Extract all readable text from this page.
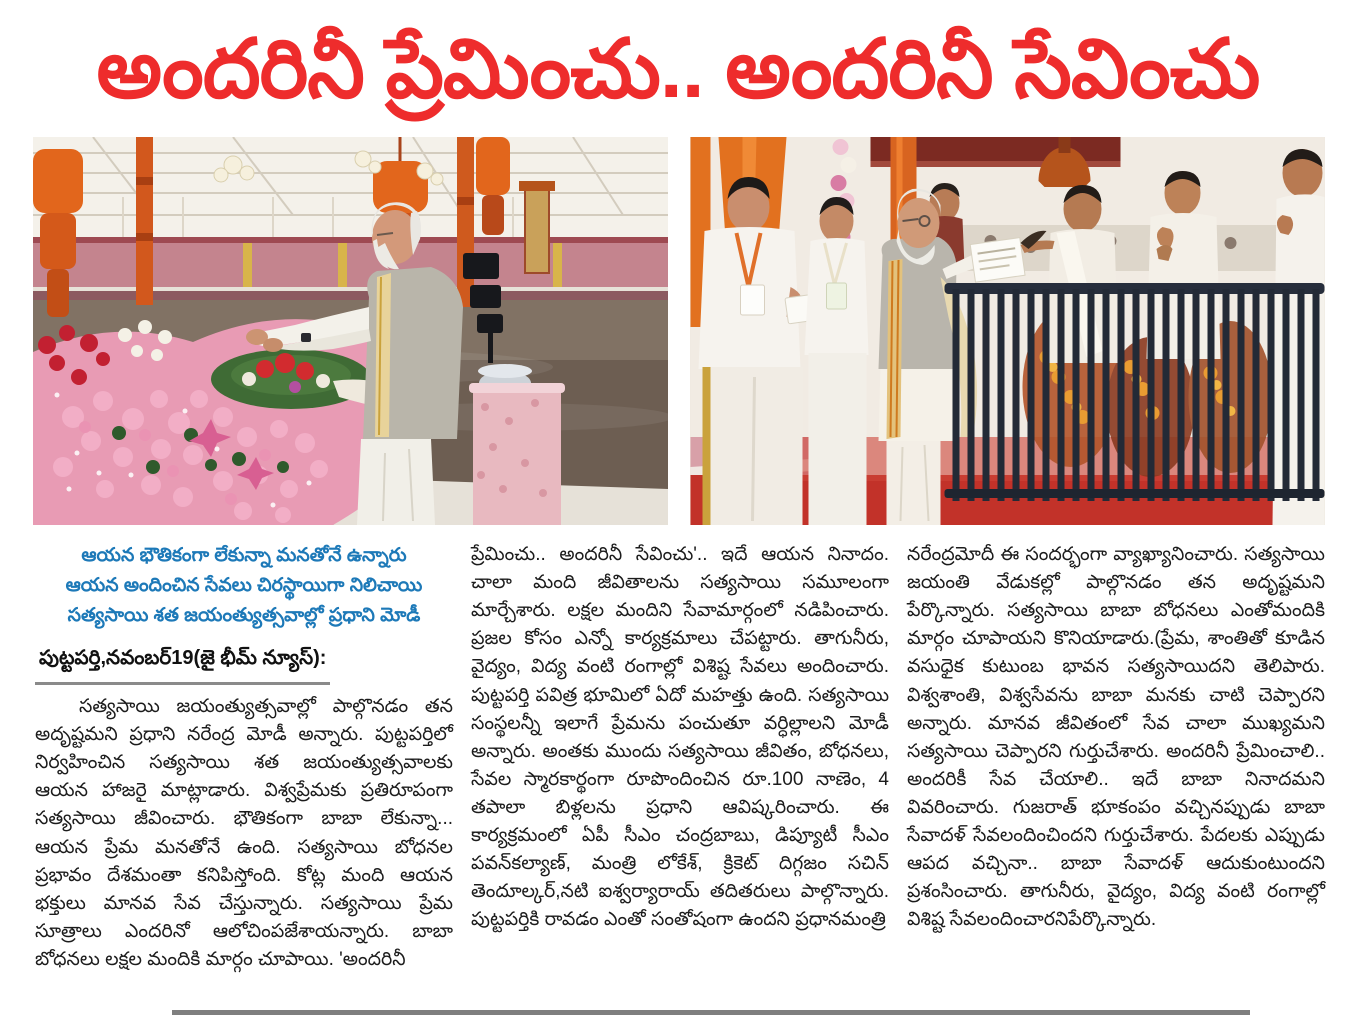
అందరినీ ప్రేమించు.. అందరినీ సేవించు
ఆయన భౌతికంగా లేకున్నా మనతోనే ఉన్నారు
ఆయన అందించిన సేవలు చిరస్థాయిగా నిలిచాయి
సత్యసాయి శత జయంత్యుత్సవాల్లో ప్రధాని మోడీ
పుట్టపర్తి,నవంబర్19(జై భీమ్ న్యూస్):

సత్యసాయి జయంత్యుత్సవాల్లో పాల్గొనడం తన అదృష్టమని ప్రధాని నరేంద్ర మోడీ అన్నారు. పుట్టపర్తిలో నిర్వహించిన సత్యసాయి శత జయంత్యుత్సవాలకు ఆయన హాజరై మాట్లాడారు. విశ్వప్రేమకు ప్రతిరూపంగా సత్యసాయి జీవించారు. భౌతికంగా బాబా లేకున్నా... ఆయన ప్రేమ మనతోనే ఉంది. సత్యసాయి బోధనల ప్రభావం దేశమంతా కనిపిస్తోంది. కోట్ల మంది ఆయన భక్తులు మానవ సేవ చేస్తున్నారు. సత్యసాయి ప్రేమ సూత్రాలు ఎందరినో ఆలోచింపజేశాయన్నారు. బాబా బోధనలు లక్షల మందికి మార్గం చూపాయి. 'అందరినీ

ప్రేమించు.. అందరినీ సేవించు'.. ఇదే ఆయన నినాదం. చాలా మంది జీవితాలను సత్యసాయి సమూలంగా మార్చేశారు. లక్షల మందిని సేవామార్గంలో నడిపించారు. ప్రజల కోసం ఎన్నో కార్యక్రమాలు చేపట్టారు. తాగునీరు, వైద్యం, విద్య వంటి రంగాల్లో విశిష్ట సేవలు అందించారు. పుట్టపర్తి పవిత్ర భూమిలో ఏదో మహత్తు ఉంది. సత్యసాయి సంస్థలన్నీ ఇలాగే ప్రేమను పంచుతూ వర్ధిల్లాలని మోడీ అన్నారు. అంతకు ముందు సత్యసాయి జీవితం, బోధనలు, సేవల స్మారకార్థంగా రూపొందించిన రూ.100 నాణెం, 4 తపాలా బిళ్లలను ప్రధాని ఆవిష్కరించారు. ఈ కార్యక్రమంలో ఏపీ సీఎం చంద్రబాబు, డిప్యూటీ సీఎం పవన్‌కల్యాణ్, మంత్రి లోకేశ్, క్రికెట్ దిగ్గజం సచిన్ తెందూల్కర్,నటి ఐశ్వర్యారాయ్ తదితరులు పాల్గొన్నారు. పుట్టపర్తికి రావడం ఎంతో సంతోషంగా ఉందని ప్రధానమంత్రి

నరేంద్రమోదీ ఈ సందర్భంగా వ్యాఖ్యానించారు. సత్యసాయి జయంతి వేడుకల్లో పాల్గొనడం తన అదృష్టమని పేర్కొన్నారు. సత్యసాయి బాబా బోధనలు ఎంతోమందికి మార్గం చూపాయని కొనియాడారు.(ప్రేమ, శాంతితో కూడిన వసుధైక కుటుంబ భావన సత్యసాయిదని తెలిపారు. విశ్వశాంతి, విశ్వసేవను బాబా మనకు చాటి చెప్పారని అన్నారు. మానవ జీవితంలో సేవ చాలా ముఖ్యమని సత్యసాయి చెప్పారని గుర్తుచేశారు. అందరినీ ప్రేమించాలి.. అందరికీ సేవ చేయాలి.. ఇదే బాబా నినాదమని వివరించారు. గుజరాత్ భూకంపం వచ్చినప్పుడు బాబా సేవాదళ్ సేవలందించిందని గుర్తుచేశారు. పేదలకు ఎప్పుడు ఆపద వచ్చినా.. బాబా సేవాదళ్ ఆదుకుంటుందని ప్రశంసించారు. తాగునీరు, వైద్యం, విద్య వంటి రంగాల్లో విశిష్ట సేవలందించారనిపేర్కొన్నారు.
